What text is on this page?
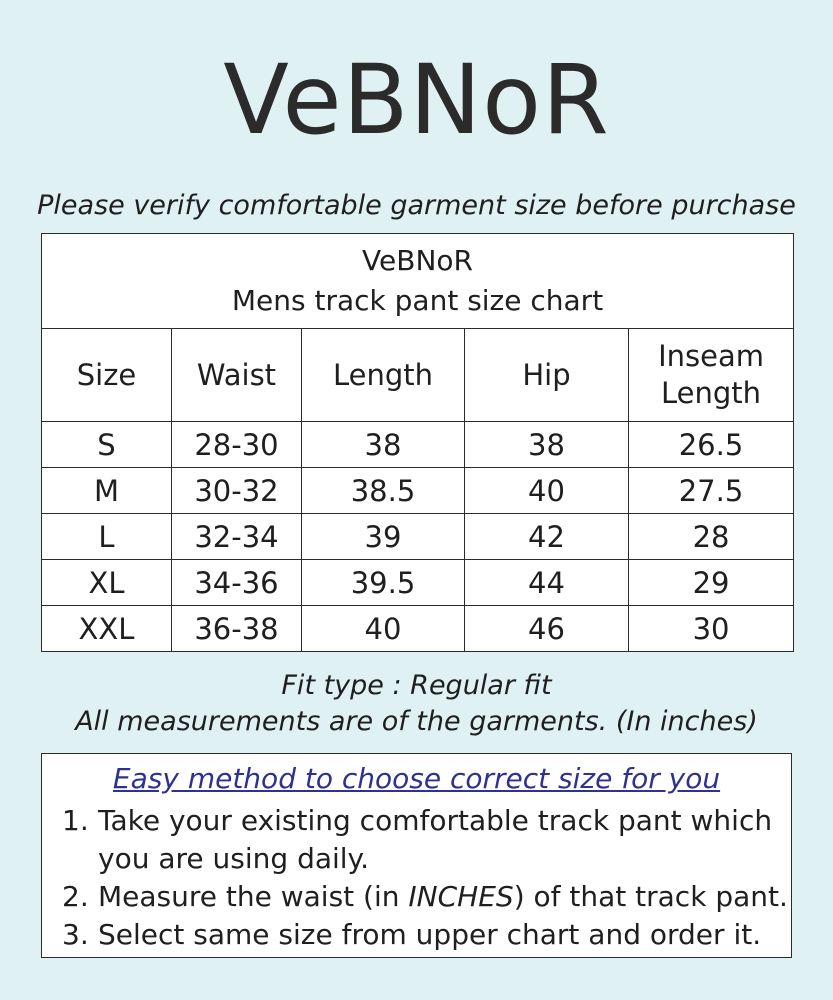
VeBNoR
Please verify comfortable garment size before purchase
VeBNoR
Mens track pant size chart				

Size	Waist	Length	Hip	Inseam Length
S	28-30	38	38	26.5
M	30-32	38.5	40	27.5
L	32-34	39	42	28
XL	34-36	39.5	44	29
XXL	36-38	40	46	30
Fit type : Regular fit
All measurements are of the garments. (In inches)
Easy method to choose correct size for you
1. Take your existing comfortable track pant which
you are using daily.
2. Measure the waist (in INCHES) of that track pant.
3. Select same size from upper chart and order it.
